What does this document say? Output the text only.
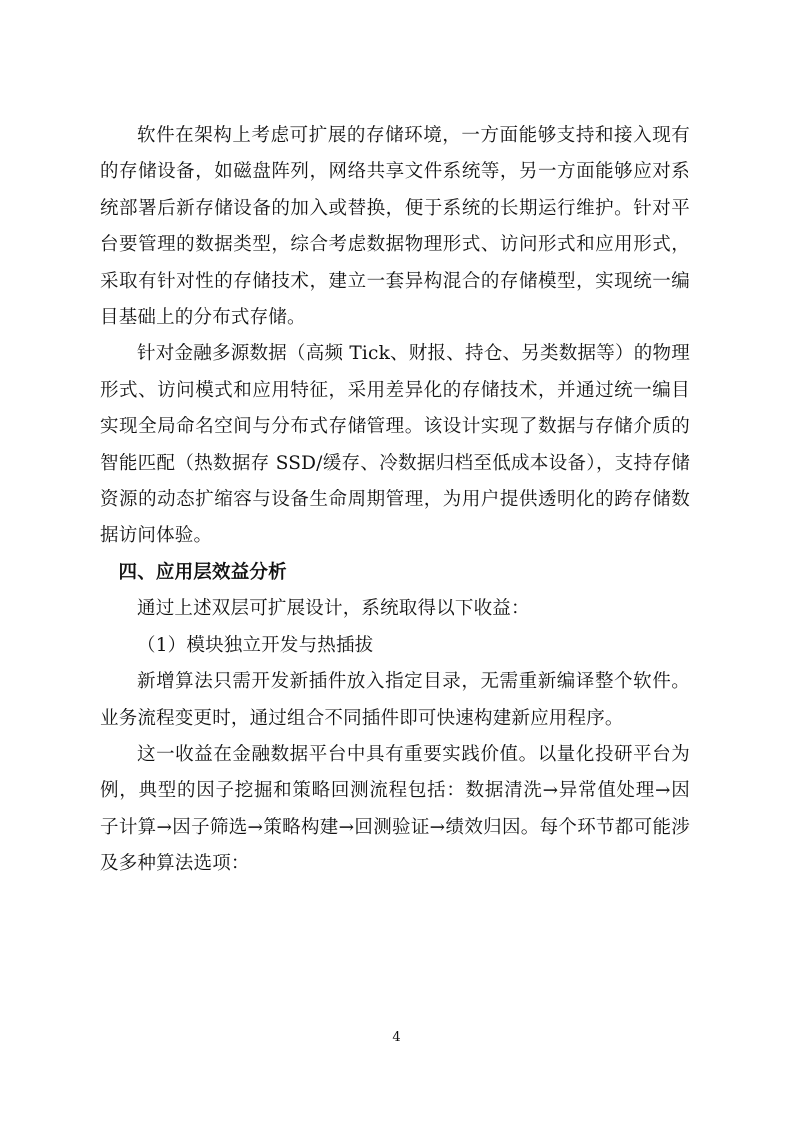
软件在架构上考虑可扩展的存储环境，一方面能够支持和接入现有的存储设备，如磁盘阵列，网络共享文件系统等，另一方面能够应对系统部署后新存储设备的加入或替换，便于系统的长期运行维护。针对平台要管理的数据类型，综合考虑数据物理形式、访问形式和应用形式，采取有针对性的存储技术，建立一套异构混合的存储模型，实现统一编目基础上的分布式存储。

针对金融多源数据（高频 Tick、财报、持仓、另类数据等）的物理形式、访问模式和应用特征，采用差异化的存储技术，并通过统一编目实现全局命名空间与分布式存储管理。该设计实现了数据与存储介质的智能匹配（热数据存 SSD/缓存、冷数据归档至低成本设备），支持存储资源的动态扩缩容与设备生命周期管理，为用户提供透明化的跨存储数据访问体验。

四、应用层效益分析

通过上述双层可扩展设计，系统取得以下收益：

（1）模块独立开发与热插拔

新增算法只需开发新插件放入指定目录，无需重新编译整个软件。业务流程变更时，通过组合不同插件即可快速构建新应用程序。

这一收益在金融数据平台中具有重要实践价值。以量化投研平台为例，典型的因子挖掘和策略回测流程包括：数据清洗→异常值处理→因子计算→因子筛选→策略构建→回测验证→绩效归因。每个环节都可能涉及多种算法选项：

4
